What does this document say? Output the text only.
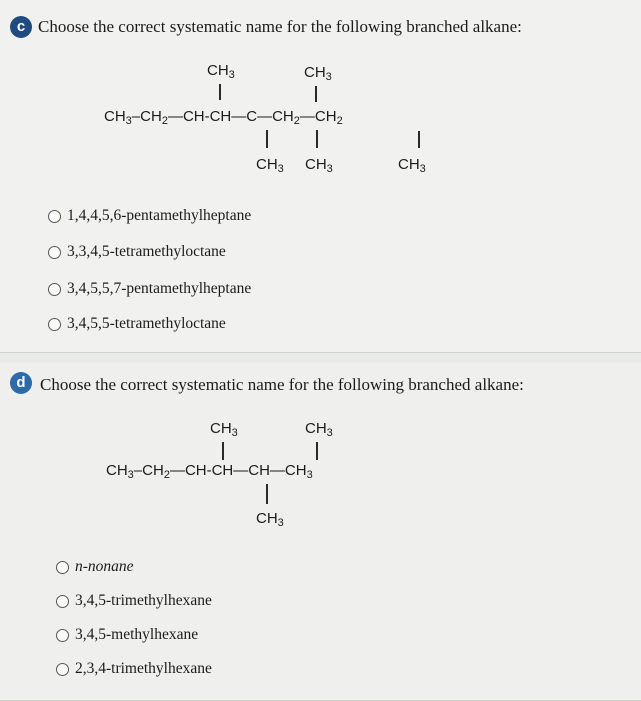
c Choose the correct systematic name for the following branched alkane:
$CH_3$	$CH_3$
$CH_3-CH_2—CH-CH—C—CH_2—CH_2$
$CH_3$ $CH_3$	$CH_3$
1,4,4,5,6-pentamethylheptane
3,3,4,5-tetramethyloctane
3,4,5,5,7-pentamethylheptane
3,4,5,5-tetramethyloctane
d Choose the correct systematic name for the following branched alkane:
$CH_3$	$CH_3$
$CH_3-CH_2—CH-CH—CH—CH_3$
$CH_3$
n-nonane
3,4,5-trimethylhexane
3,4,5-methylhexane
2,3,4-trimethylhexane
